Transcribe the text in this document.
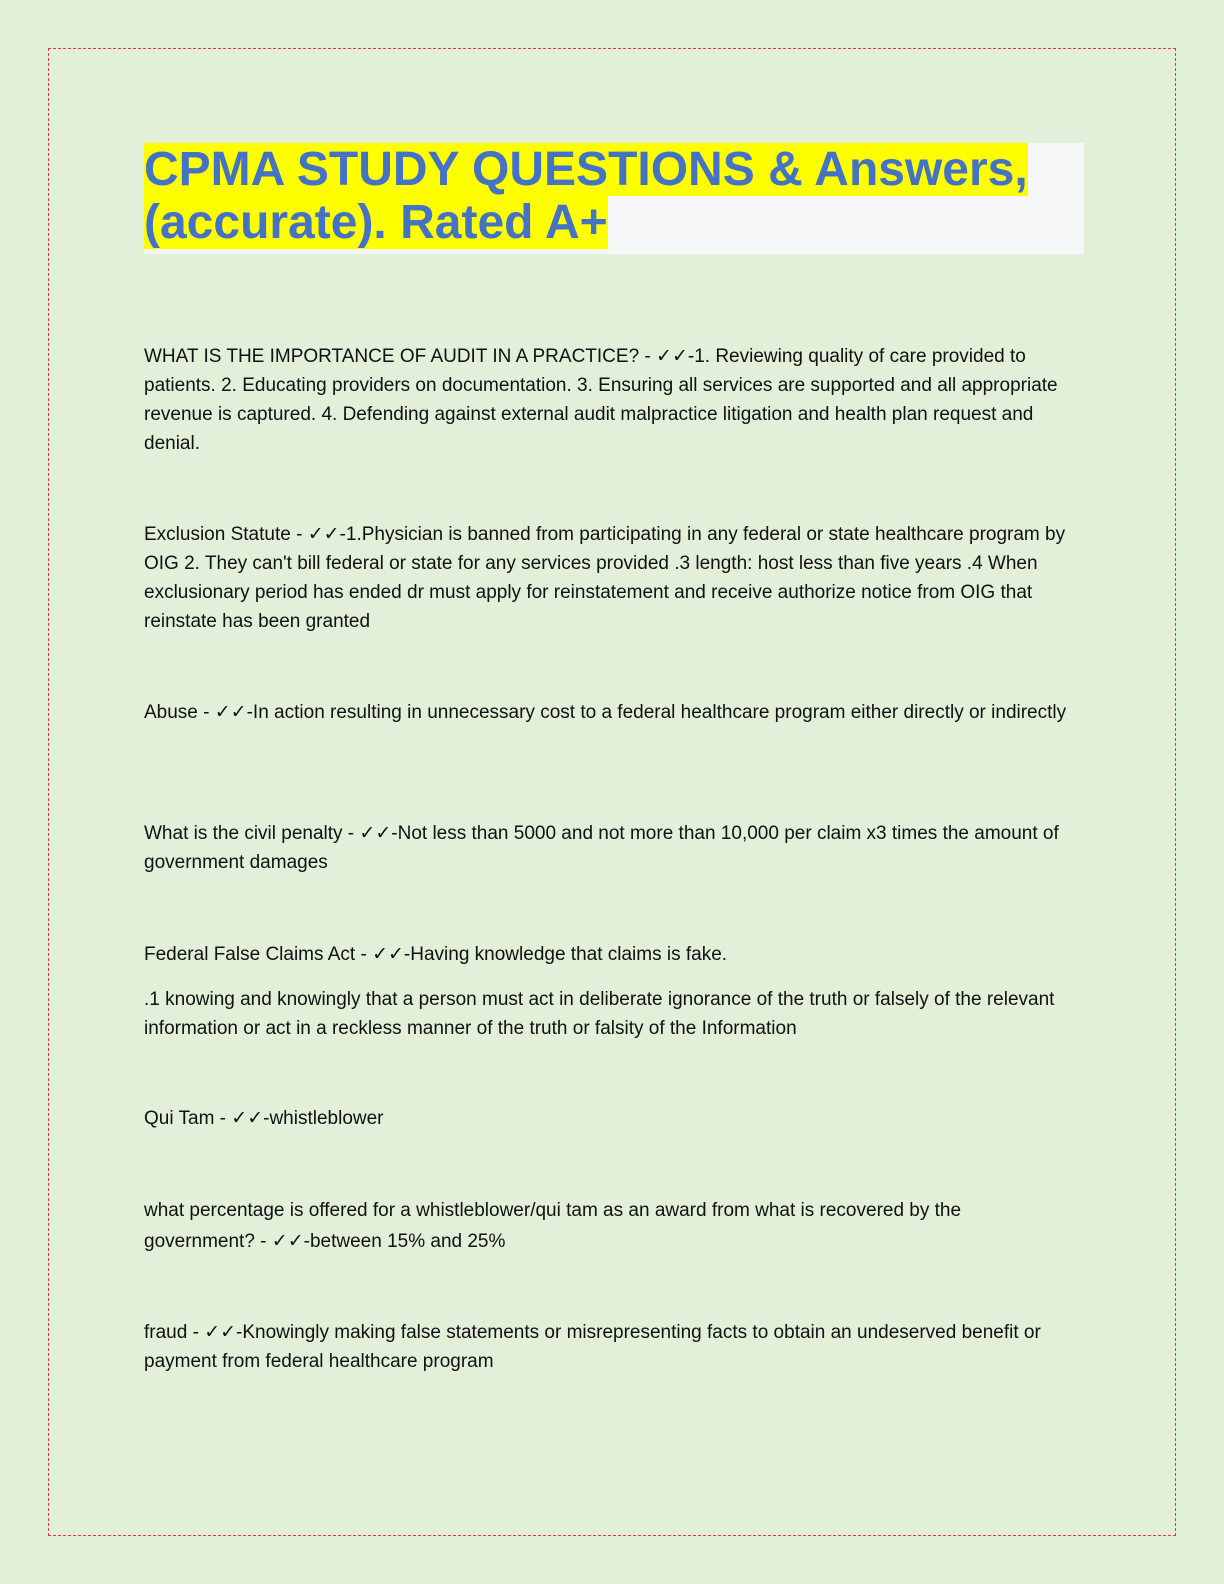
CPMA STUDY QUESTIONS & Answers, (accurate). Rated A+

WHAT IS THE IMPORTANCE OF AUDIT IN A PRACTICE? - ✓✓-1. Reviewing quality of care provided to patients. 2. Educating providers on documentation. 3. Ensuring all services are supported and all appropriate revenue is captured. 4. Defending against external audit malpractice litigation and health plan request and denial.

Exclusion Statute - ✓✓-1.Physician is banned from participating in any federal or state healthcare program by OIG 2. They can't bill federal or state for any services provided .3 length: host less than five years .4 When exclusionary period has ended dr must apply for reinstatement and receive authorize notice from OIG that reinstate has been granted

Abuse - ✓✓-In action resulting in unnecessary cost to a federal healthcare program either directly or indirectly

What is the civil penalty - ✓✓-Not less than 5000 and not more than 10,000 per claim x3 times the amount of government damages

Federal False Claims Act - ✓✓-Having knowledge that claims is fake.

.1 knowing and knowingly that a person must act in deliberate ignorance of the truth or falsely of the relevant information or act in a reckless manner of the truth or falsity of the Information

Qui Tam - ✓✓-whistleblower

what percentage is offered for a whistleblower/qui tam as an award from what is recovered by the government? - ✓✓-between 15% and 25%

fraud - ✓✓-Knowingly making false statements or misrepresenting facts to obtain an undeserved benefit or payment from federal healthcare program
